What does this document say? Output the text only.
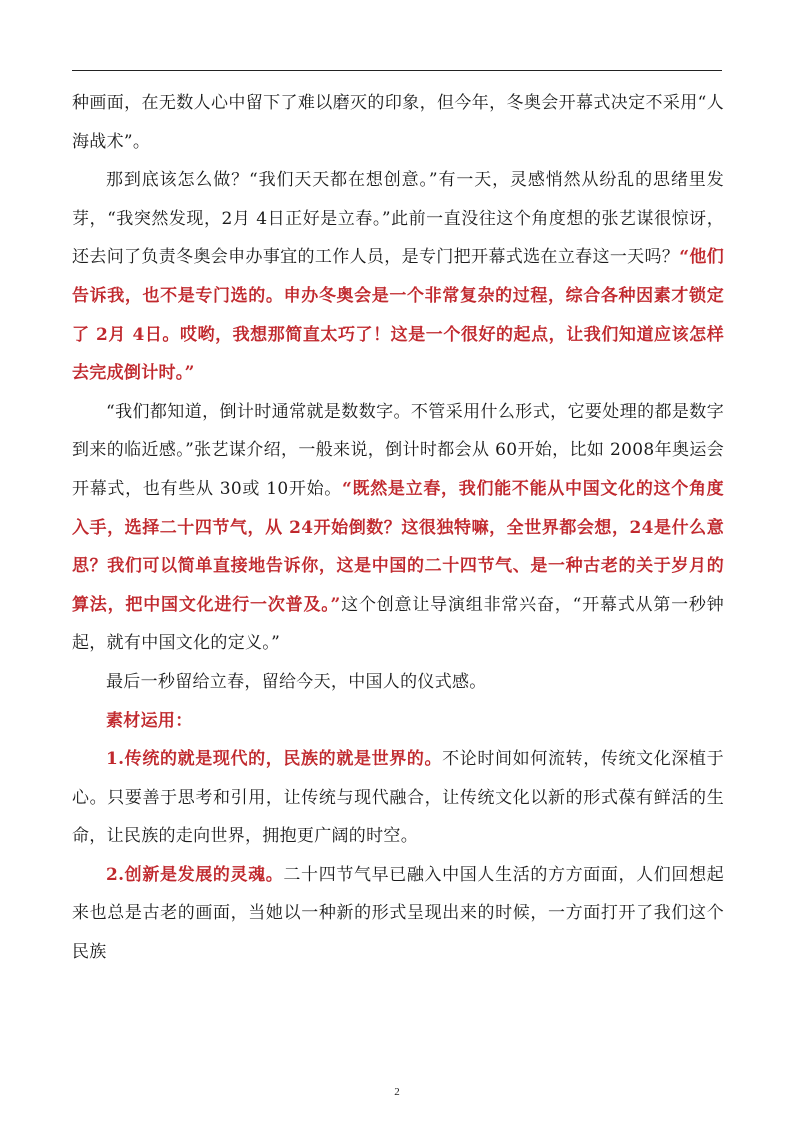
种画面，在无数人心中留下了难以磨灭的印象，但今年，冬奥会开幕式决定不采用“人海战术”。

那到底该怎么做？“我们天天都在想创意。”有一天，灵感悄然从纷乱的思绪里发芽，“我突然发现，2月 4日正好是立春。”此前一直没往这个角度想的张艺谋很惊讶，还去问了负责冬奥会申办事宜的工作人员，是专门把开幕式选在立春这一天吗？“他们告诉我，也不是专门选的。申办冬奥会是一个非常复杂的过程，综合各种因素才锁定了 2月 4日。哎哟，我想那简直太巧了！这是一个很好的起点，让我们知道应该怎样去完成倒计时。”

“我们都知道，倒计时通常就是数数字。不管采用什么形式，它要处理的都是数字到来的临近感。”张艺谋介绍，一般来说，倒计时都会从 60开始，比如 2008年奥运会开幕式，也有些从 30或 10开始。“既然是立春，我们能不能从中国文化的这个角度入手，选择二十四节气，从 24开始倒数？这很独特嘛，全世界都会想，24是什么意思？我们可以简单直接地告诉你，这是中国的二十四节气、是一种古老的关于岁月的算法，把中国文化进行一次普及。”这个创意让导演组非常兴奋，“开幕式从第一秒钟起，就有中国文化的定义。”

最后一秒留给立春，留给今天，中国人的仪式感。

素材运用：

1.传统的就是现代的，民族的就是世界的。不论时间如何流转，传统文化深植于心。只要善于思考和引用，让传统与现代融合，让传统文化以新的形式葆有鲜活的生命，让民族的走向世界，拥抱更广阔的时空。

2.创新是发展的灵魂。二十四节气早已融入中国人生活的方方面面，人们回想起来也总是古老的画面，当她以一种新的形式呈现出来的时候，一方面打开了我们这个民族

2
